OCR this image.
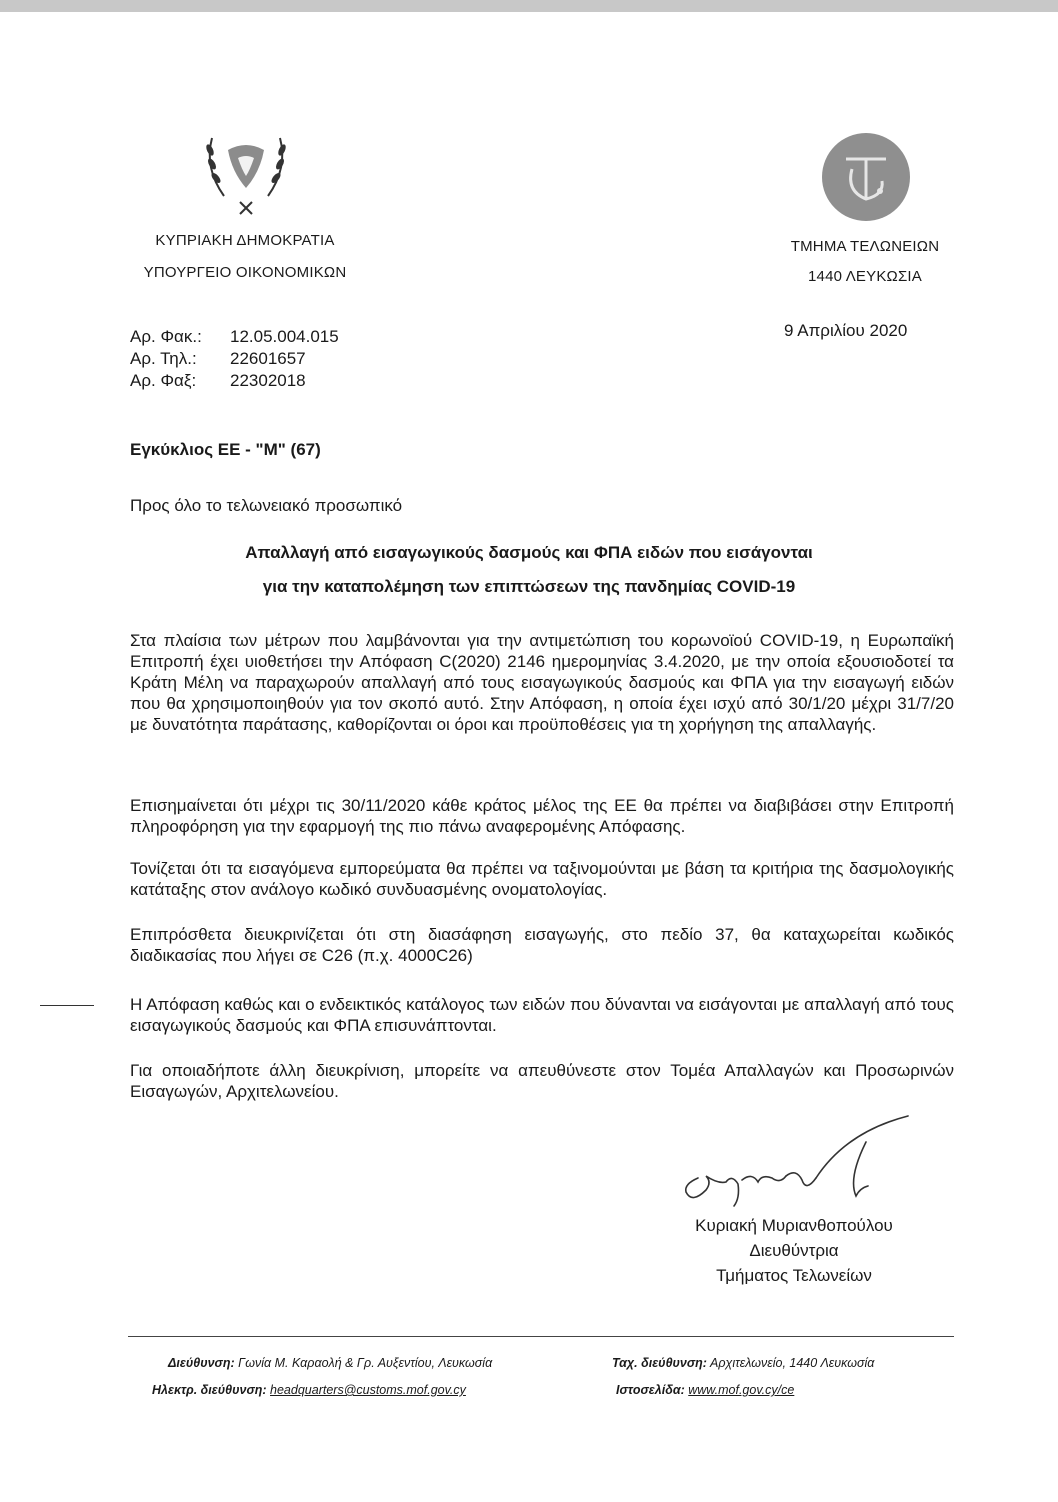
ΚΥΠΡΙΑΚΗ ΔΗΜΟΚΡΑΤΙΑ
ΥΠΟΥΡΓΕΙΟ ΟΙΚΟΝΟΜΙΚΩΝ
ΤΜΗΜΑ ΤΕΛΩΝΕΙΩΝ
1440 ΛΕΥΚΩΣΙΑ
Αρ. Φακ.: 12.05.004.015
Αρ. Τηλ.: 22601657
Αρ. Φαξ: 22302018
9 Απριλίου 2020
Εγκύκλιος ΕΕ - "Μ" (67)
Προς όλο το τελωνειακό προσωπικό
Απαλλαγή από εισαγωγικούς δασμούς και ΦΠΑ ειδών που εισάγονται
για την καταπολέμηση των επιπτώσεων της πανδημίας COVID-19
Στα πλαίσια των μέτρων που λαμβάνονται για την αντιμετώπιση του κορωνοϊού COVID-19, η Ευρωπαϊκή Επιτροπή έχει υιοθετήσει την Απόφαση C(2020) 2146 ημερομηνίας 3.4.2020, με την οποία εξουσιοδοτεί τα Κράτη Μέλη να παραχωρούν απαλλαγή από τους εισαγωγικούς δασμούς και ΦΠΑ για την εισαγωγή ειδών που θα χρησιμοποιηθούν για τον σκοπό αυτό. Στην Απόφαση, η οποία έχει ισχύ από 30/1/20 μέχρι 31/7/20 με δυνατότητα παράτασης, καθορίζονται οι όροι και προϋποθέσεις για τη χορήγηση της απαλλαγής.
Επισημαίνεται ότι μέχρι τις 30/11/2020 κάθε κράτος μέλος της ΕΕ θα πρέπει να διαβιβάσει στην Επιτροπή πληροφόρηση για την εφαρμογή της πιο πάνω αναφερομένης Απόφασης.
Τονίζεται ότι τα εισαγόμενα εμπορεύματα θα πρέπει να ταξινομούνται με βάση τα κριτήρια της δασμολογικής κατάταξης στον ανάλογο κωδικό συνδυασμένης ονοματολογίας.
Επιπρόσθετα διευκρινίζεται ότι στη διασάφηση εισαγωγής, στο πεδίο 37, θα καταχωρείται κωδικός διαδικασίας που λήγει σε C26 (π.χ. 4000C26)
Η Απόφαση καθώς και ο ενδεικτικός κατάλογος των ειδών που δύνανται να εισάγονται με απαλλαγή από τους εισαγωγικούς δασμούς και ΦΠΑ επισυνάπτονται.
Για οποιαδήποτε άλλη διευκρίνιση, μπορείτε να απευθύνεστε στον Τομέα Απαλλαγών και Προσωρινών Εισαγωγών, Αρχιτελωνείου.
Κυριακή Μυριανθοπούλου
Διευθύντρια
Τμήματος Τελωνείων
Διεύθυνση: Γωνία Μ. Καραολή & Γρ. Αυξεντίου, Λευκωσία
Ηλεκτρ. διεύθυνση: headquarters@customs.mof.gov.cy
Ταχ. διεύθυνση: Αρχιτελωνείο, 1440 Λευκωσία
Ιστοσελίδα: www.mof.gov.cy/ce
